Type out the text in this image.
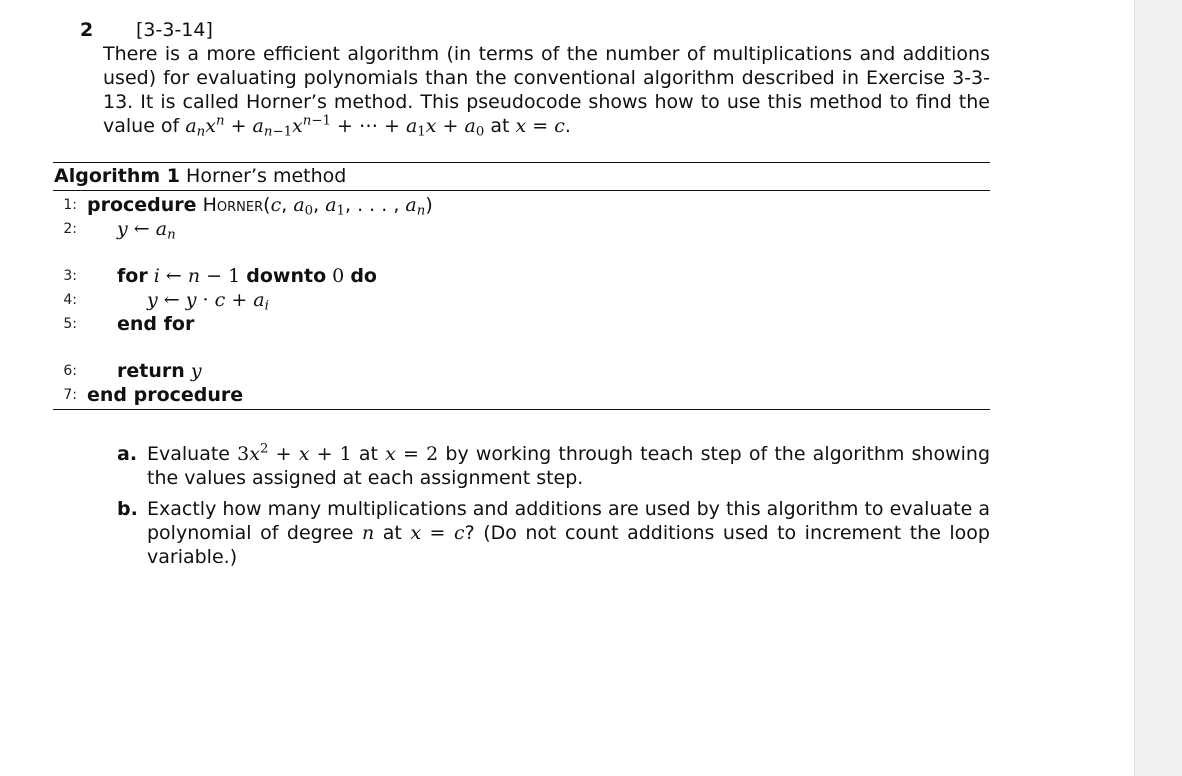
2 [3-3-14]
There is a more efficient algorithm (in terms of the number of multiplications and additions used) for evaluating polynomials than the conventional algorithm described in Exercise 3-3-13. It is called Horner’s method. This pseudocode shows how to use this method to find the value of $a_nx^n + a_{n-1}x^{n-1}$ + ⋯ + $a_1x + a_0$ at x = c.
Algorithm 1 Horner’s method
1: procedure Horner(c, $a_0$, $a_1$, . . . , $a_n$)
2: y ← $a_n$
3: for i ← n − 1 downto 0 do
4:	y ← $y \cdot c + a_i$
5: end for
6: return y
7: end procedure
a. Evaluate $3x^2 + x + 1$ at x = 2 by working through teach step of the algorithm showing the values assigned at each assignment step.
b. Exactly how many multiplications and additions are used by this algorithm to evaluate a polynomial of degree n at x = c? (Do not count additions used to increment the loop variable.)
